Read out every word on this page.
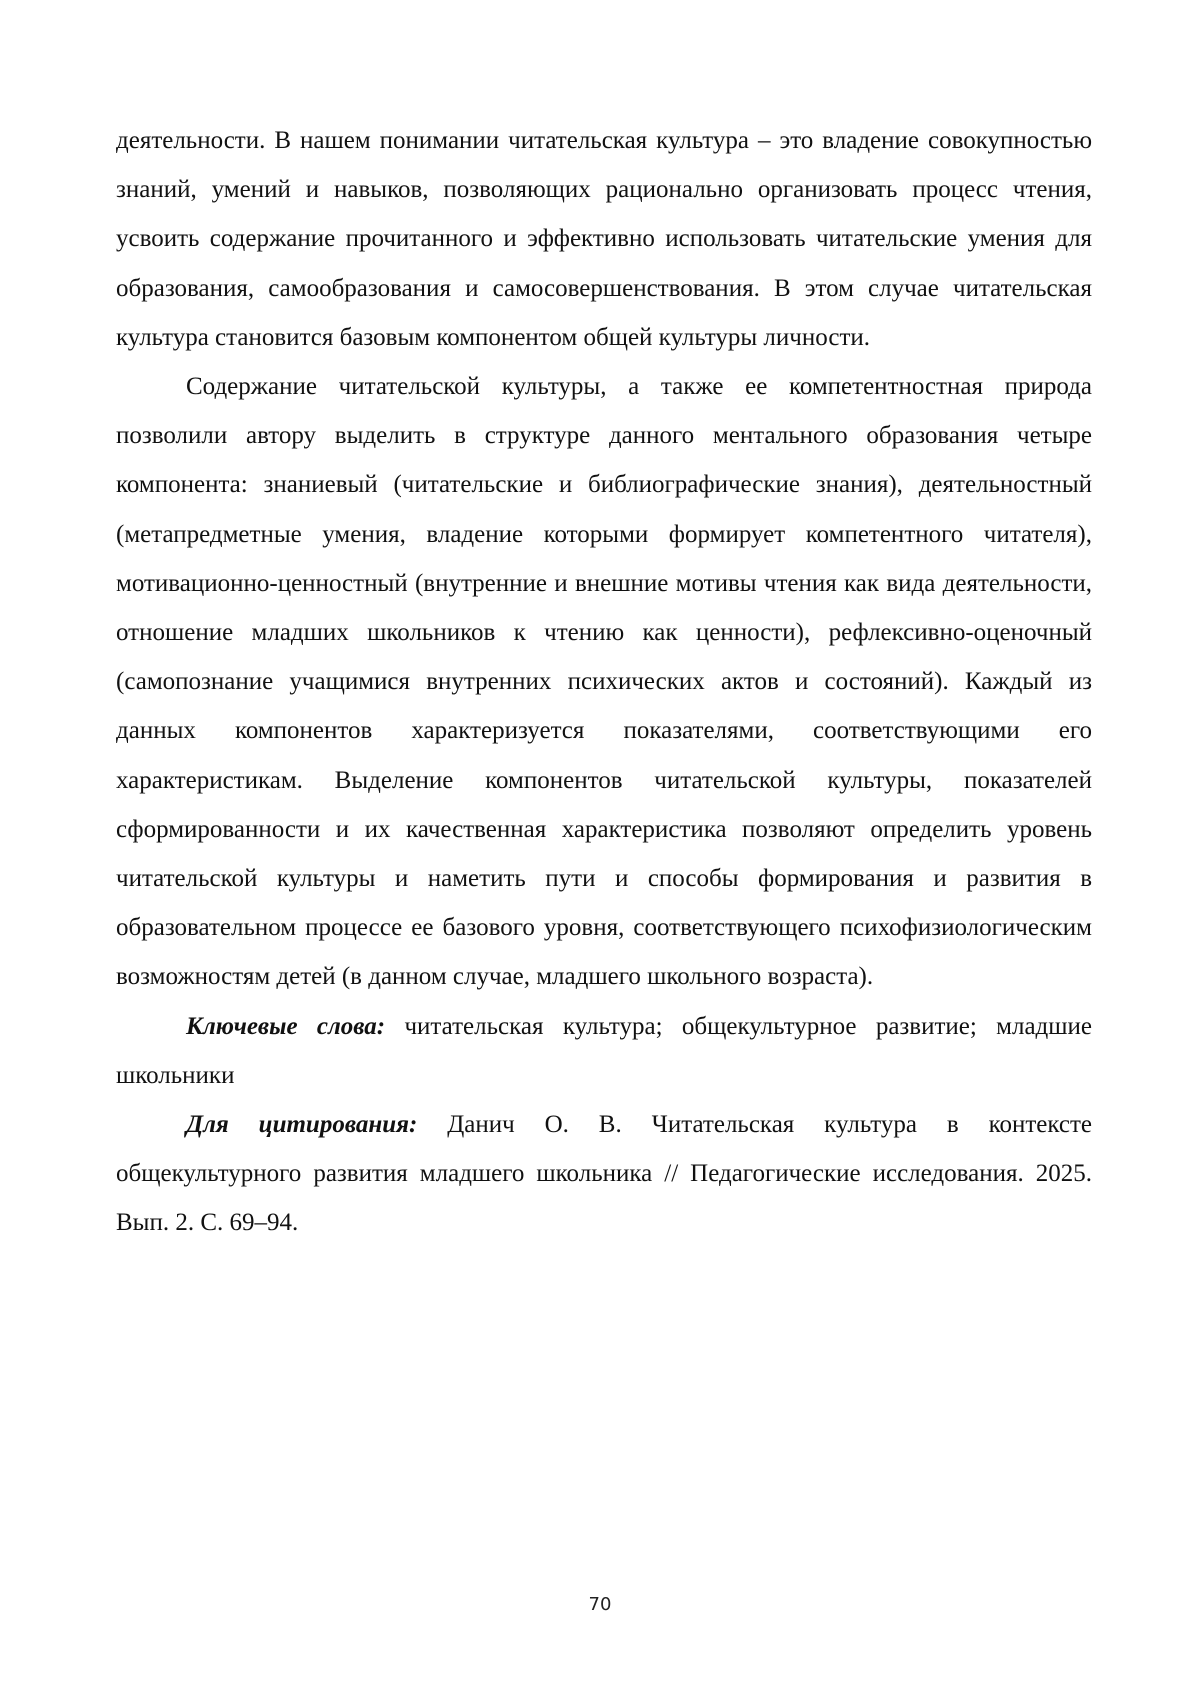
деятельности. В нашем понимании читательская культура – это владение совокупностью знаний, умений и навыков, позволяющих рационально организовать процесс чтения, усвоить содержание прочитанного и эффективно использовать читательские умения для образования, самообразования и самосовершенствования. В этом случае читательская культура становится базовым компонентом общей культуры личности.

Содержание читательской культуры, а также ее компетентностная природа позволили автору выделить в структуре данного ментального образования четыре компонента: знаниевый (читательские и библиографические знания), деятельностный (метапредметные умения, владение которыми формирует компетентного читателя), мотивационно-ценностный (внутренние и внешние мотивы чтения как вида деятельности, отношение младших школьников к чтению как ценности), рефлексивно-оценочный (самопознание учащимися внутренних психических актов и состояний). Каждый из данных компонентов характеризуется показателями, соответствующими его характеристикам. Выделение компонентов читательской культуры, показателей сформированности и их качественная характеристика позволяют определить уровень читательской культуры и наметить пути и способы формирования и развития в образовательном процессе ее базового уровня, соответствующего психофизиологическим возможностям детей (в данном случае, младшего школьного возраста).

Ключевые слова: читательская культура; общекультурное развитие; младшие школьники

Для цитирования: Данич О. В. Читательская культура в контексте общекультурного развития младшего школьника // Педагогические исследования. 2025. Вып. 2. С. 69–94.

70
